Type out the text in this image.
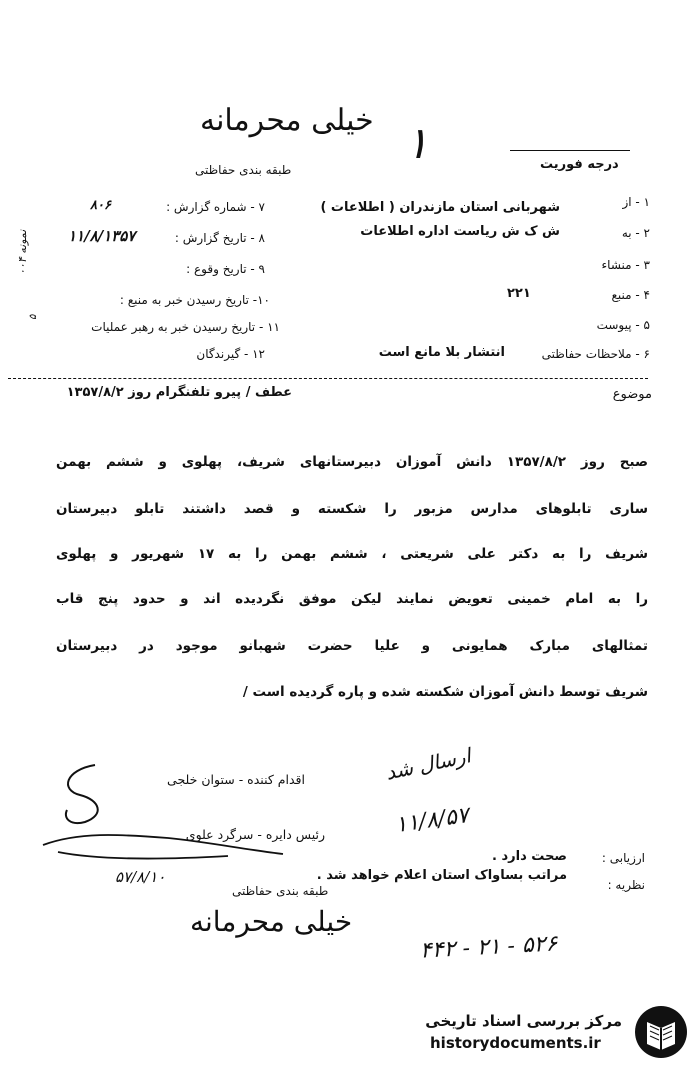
خیلی محرمانه ۱
طبقه بندی حفاظتی	درجه فوریت
۷ - شماره گزارش :
۸۰۶
۸ - تاریخ گزارش :
۱۱/۸/۱۳۵۷
۹ - تاریخ وقوع :
۱۰- تاریخ رسیدن خبر به منبع :
۱۱ - تاریخ رسیدن خبر به رهبر عملیات
۱۲ - گیرندگان
۱ - از
شهربانی استان مازندران ( اطلاعات )
۲ - به
ش ک ش ریاست اداره اطلاعات
۳ - منشاء
۴ - منبع
۲۲۱
۵ - پیوست
۶ - ملاحظات حفاظتی
انتشار بلا مانع است
نمونه ۰۰۴
۵
عطف / پیرو تلفنگرام روز ۱۳۵۷/۸/۲	موضوع
صبح روز ۱۳۵۷/۸/۲ دانش آموزان دبیرستانهای شریف، پهلوی و ششم بهمن
ساری تابلوهای مدارس مزبور را شکسته و قصد داشتند تابلو دبیرستان
شریف را به دکتر علی شریعتی ، ششم بهمن را به ۱۷ شهریور و پهلوی
را به امام خمینی تعویض نمایند لیکن موفق نگردیده اند و حدود پنج قاب
تمثالهای مبارک همایونی و علیا حضرت شهبانو موجود در دبیرستان
شریف توسط دانش آموزان شکسته شده و پاره گردیده است /
ارسال شد
۱۱/۸/۵۷
۵۷/۸/۱۰
۴۴۲ - ۲۱ - ۵۲۶
اقدام کننده - ستوان خلجی
رئیس دایره - سرگرد علوی
ارزیابی :
صحت دارد .
نظریه :
مراتب بساواک استان اعلام خواهد شد .
طبقه بندی حفاظتی
خیلی محرمانه
مرکز بررسی اسناد تاریخی
historydocuments.ir
